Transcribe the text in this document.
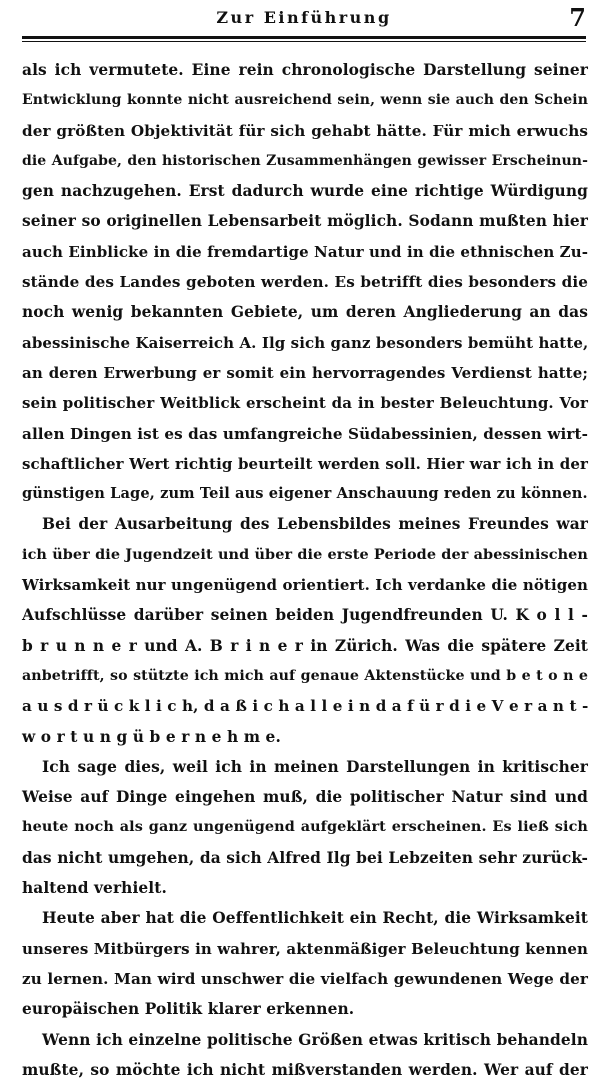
Zur Einführung	7
als ich vermutete. Eine rein chronologische Darstellung seiner
Entwicklung konnte nicht ausreichend sein, wenn sie auch den Schein
der größten Objektivität für sich gehabt hätte. Für mich erwuchs
die Aufgabe, den historischen Zusammenhängen gewisser Erscheinun-
gen nachzugehen. Erst dadurch wurde eine richtige Würdigung
seiner so originellen Lebensarbeit möglich. Sodann mußten hier
auch Einblicke in die fremdartige Natur und in die ethnischen Zu-
stände des Landes geboten werden. Es betrifft dies besonders die
noch wenig bekannten Gebiete, um deren Angliederung an das
abessinische Kaiserreich A. Ilg sich ganz besonders bemüht hatte,
an deren Erwerbung er somit ein hervorragendes Verdienst hatte;
sein politischer Weitblick erscheint da in bester Beleuchtung. Vor
allen Dingen ist es das umfangreiche Südabessinien, dessen wirt-
schaftlicher Wert richtig beurteilt werden soll. Hier war ich in der
günstigen Lage, zum Teil aus eigener Anschauung reden zu können.
Bei der Ausarbeitung des Lebensbildes meines Freundes war
ich über die Jugendzeit und über die erste Periode der abessinischen
Wirksamkeit nur ungenügend orientiert. Ich verdanke die nötigen
Aufschlüsse darüber seinen beiden Jugendfreunden U. K o l l -
b r u n n e r und A. B r i n e r in Zürich. Was die spätere Zeit
anbetrifft, so stützte ich mich auf genaue Aktenstücke und b e t o n e
a u s d r ü c k l i c h, d a ß i c h a l l e i n d a f ü r d i e V e r a n t -
w o r t u n g ü b e r n e h m e.
Ich sage dies, weil ich in meinen Darstellungen in kritischer
Weise auf Dinge eingehen muß, die politischer Natur sind und
heute noch als ganz ungenügend aufgeklärt erscheinen. Es ließ sich
das nicht umgehen, da sich Alfred Ilg bei Lebzeiten sehr zurück-
haltend verhielt.
Heute aber hat die Oeffentlichkeit ein Recht, die Wirksamkeit
unseres Mitbürgers in wahrer, aktenmäßiger Beleuchtung kennen
zu lernen. Man wird unschwer die vielfach gewundenen Wege der
europäischen Politik klarer erkennen.
Wenn ich einzelne politische Größen etwas kritisch behandeln
mußte, so möchte ich nicht mißverstanden werden. Wer auf der
